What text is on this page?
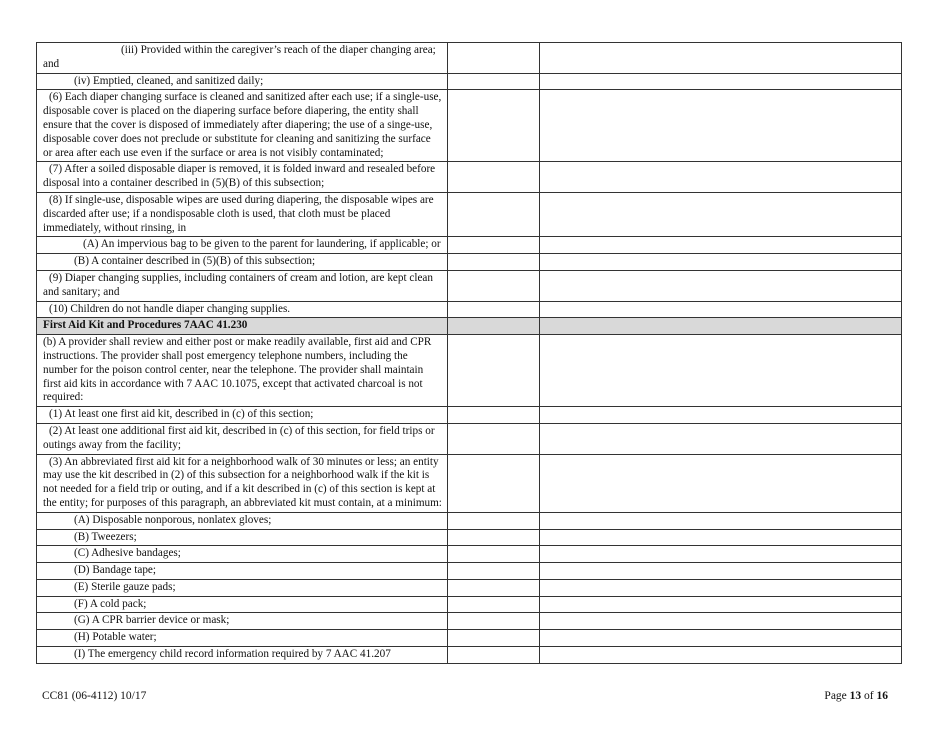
(iii) Provided within the caregiver’s reach of the diaper changing area; and		
(iv) Emptied, cleaned, and sanitized daily;		
(6) Each diaper changing surface is cleaned and sanitized after each use; if a single-use, disposable cover is placed on the diapering surface before diapering, the entity shall ensure that the cover is disposed of immediately after diapering; the use of a singe-use, disposable cover does not preclude or substitute for cleaning and sanitizing the surface or area after each use even if the surface or area is not visibly contaminated;		
(7) After a soiled disposable diaper is removed, it is folded inward and resealed before disposal into a container described in (5)(B) of this subsection;		
(8) If single-use, disposable wipes are used during diapering, the disposable wipes are discarded after use; if a nondisposable cloth is used, that cloth must be placed immediately, without rinsing, in		
(A) An impervious bag to be given to the parent for laundering, if applicable; or		
(B) A container described in (5)(B) of this subsection;		
(9) Diaper changing supplies, including containers of cream and lotion, are kept clean and sanitary; and		
(10) Children do not handle diaper changing supplies.		
First Aid Kit and Procedures 7AAC 41.230		
(b) A provider shall review and either post or make readily available, first aid and CPR instructions. The provider shall post emergency telephone numbers, including the number for the poison control center, near the telephone. The provider shall maintain first aid kits in accordance with 7 AAC 10.1075, except that activated charcoal is not required:		
(1) At least one first aid kit, described in (c) of this section;		
(2) At least one additional first aid kit, described in (c) of this section, for field trips or outings away from the facility;		
(3) An abbreviated first aid kit for a neighborhood walk of 30 minutes or less; an entity may use the kit described in (2) of this subsection for a neighborhood walk if the kit is not needed for a field trip or outing, and if a kit described in (c) of this section is kept at the entity; for purposes of this paragraph, an abbreviated kit must contain, at a minimum:		
(A) Disposable nonporous, nonlatex gloves;		
(B) Tweezers;		
(C) Adhesive bandages;		
(D) Bandage tape;		
(E) Sterile gauze pads;		
(F) A cold pack;		
(G) A CPR barrier device or mask;		
(H) Potable water;		
(I) The emergency child record information required by 7 AAC 41.207		
CC81 (06-4112) 10/17	Page 13 of 16
